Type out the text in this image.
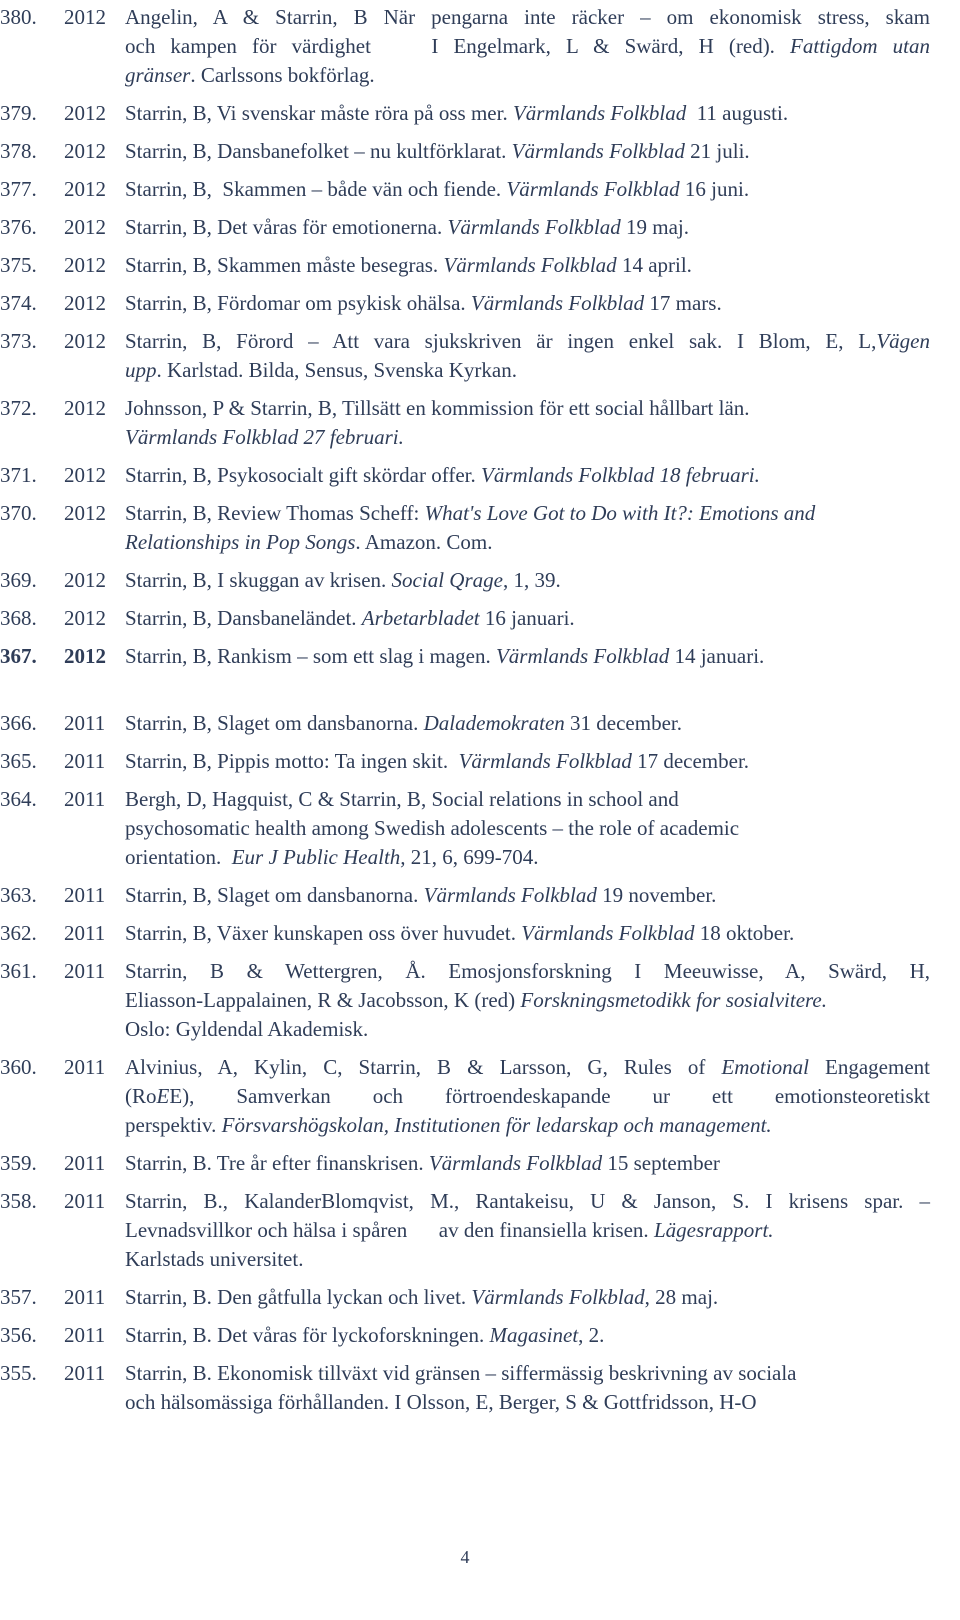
380. 2012 Angelin, A & Starrin, B När pengarna inte räcker – om ekonomisk stress, skam
och kampen för värdighet    I Engelmark, L & Swärd, H (red). Fattigdom utan
gränser. Carlssons bokförlag.
379. 2012 Starrin, B, Vi svenskar måste röra på oss mer. Värmlands Folkblad  11 augusti.
378. 2012 Starrin, B, Dansbanefolket – nu kultförklarat. Värmlands Folkblad 21 juli.
377. 2012 Starrin, B,  Skammen – både vän och fiende. Värmlands Folkblad 16 juni.
376. 2012 Starrin, B, Det våras för emotionerna. Värmlands Folkblad 19 maj.
375. 2012 Starrin, B, Skammen måste besegras. Värmlands Folkblad 14 april.
374. 2012 Starrin, B, Fördomar om psykisk ohälsa. Värmlands Folkblad 17 mars.
373. 2012 Starrin, B, Förord – Att vara sjukskriven är ingen enkel sak. I Blom, E, L,Vägen
upp. Karlstad. Bilda, Sensus, Svenska Kyrkan.
372. 2012 Johnsson, P & Starrin, B, Tillsätt en kommission för ett social hållbart län.
Värmlands Folkblad 27 februari.
371. 2012 Starrin, B, Psykosocialt gift skördar offer. Värmlands Folkblad 18 februari.
370. 2012 Starrin, B, Review Thomas Scheff: What's Love Got to Do with It?: Emotions and
Relationships in Pop Songs. Amazon. Com.
369. 2012 Starrin, B, I skuggan av krisen. Social Qrage, 1, 39.
368. 2012 Starrin, B, Dansbaneländet. Arbetarbladet 16 januari.
367. 2012 Starrin, B, Rankism – som ett slag i magen. Värmlands Folkblad 14 januari.
366. 2011 Starrin, B, Slaget om dansbanorna. Dalademokraten 31 december.
365. 2011 Starrin, B, Pippis motto: Ta ingen skit.  Värmlands Folkblad 17 december.
364. 2011 Bergh, D, Hagquist, C & Starrin, B, Social relations in school and
psychosomatic health among Swedish adolescents – the role of academic
orientation.  Eur J Public Health, 21, 6, 699-704.
363. 2011 Starrin, B, Slaget om dansbanorna. Värmlands Folkblad 19 november.
362. 2011 Starrin, B, Växer kunskapen oss över huvudet. Värmlands Folkblad 18 oktober.
361. 2011 Starrin, B & Wettergren, Å. Emosjonsforskning I Meeuwisse, A, Swärd, H,
Eliasson-Lappalainen, R & Jacobsson, K (red) Forskningsmetodikk for sosialvitere.
Oslo: Gyldendal Akademisk.
360. 2011 Alvinius, A, Kylin, C, Starrin, B & Larsson, G, Rules of Emotional Engagement
(RoEE), Samverkan och förtroendeskapande ur ett emotionsteoretiskt
perspektiv. Försvarshögskolan, Institutionen för ledarskap och management.
359. 2011 Starrin, B. Tre år efter finanskrisen. Värmlands Folkblad 15 september
358. 2011 Starrin, B., KalanderBlomqvist, M., Rantakeisu, U & Janson, S. I krisens spar. –
Levnadsvillkor och hälsa i spåren      av den finansiella krisen. Lägesrapport.
Karlstads universitet.
357. 2011 Starrin, B. Den gåtfulla lyckan och livet. Värmlands Folkblad, 28 maj.
356. 2011 Starrin, B. Det våras för lyckoforskningen. Magasinet, 2.
355. 2011 Starrin, B. Ekonomisk tillväxt vid gränsen – siffermässig beskrivning av sociala
och hälsomässiga förhållanden. I Olsson, E, Berger, S & Gottfridsson, H-O
4
